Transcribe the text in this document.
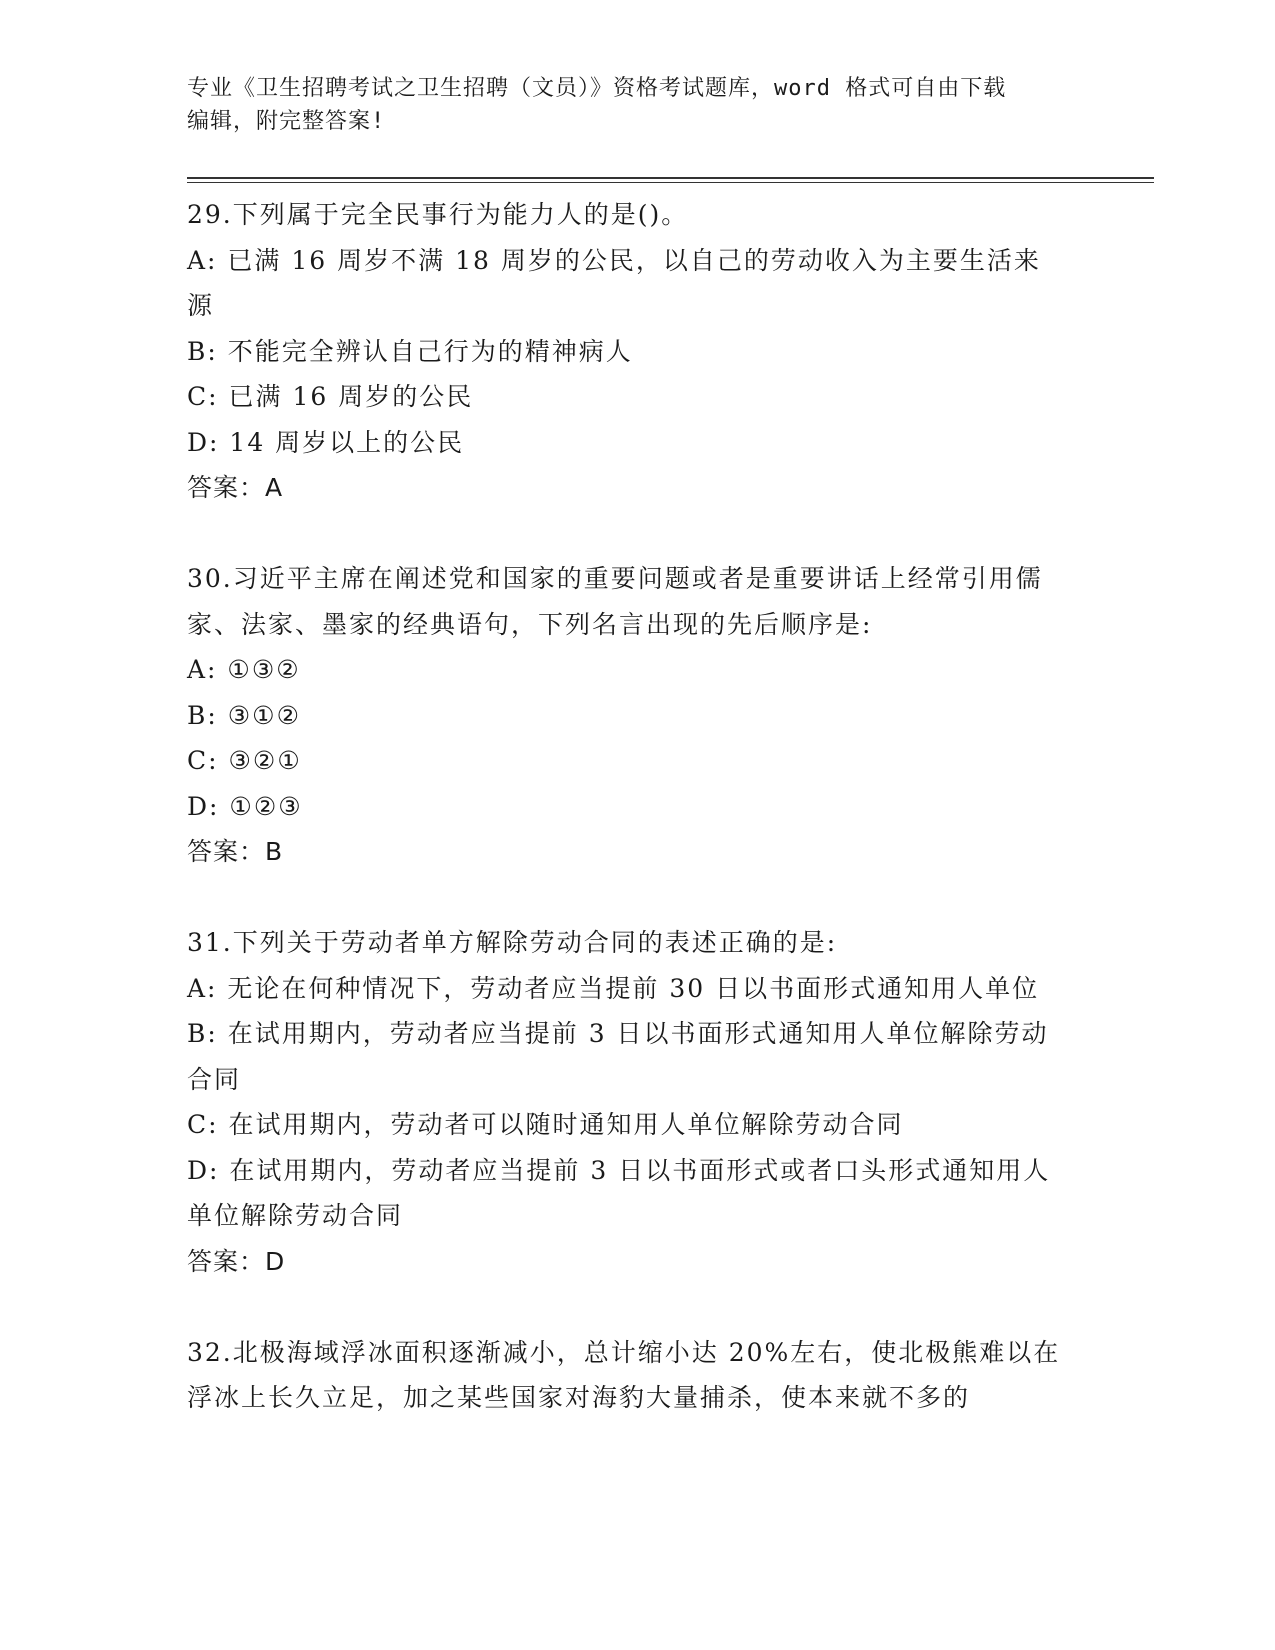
专业《卫生招聘考试之卫生招聘（文员）》资格考试题库，word 格式可自由下载
编辑，附完整答案!

29.下列属于完全民事行为能力人的是()。

A: 已满 16 周岁不满 18 周岁的公民，以自己的劳动收入为主要生活来源

B: 不能完全辨认自己行为的精神病人

C: 已满 16 周岁的公民

D: 14 周岁以上的公民

答案：A

30.习近平主席在阐述党和国家的重要问题或者是重要讲话上经常引用儒家、法家、墨家的经典语句，下列名言出现的先后顺序是:

A: ①③②

B: ③①②

C: ③②①

D: ①②③

答案：B

31.下列关于劳动者单方解除劳动合同的表述正确的是:

A: 无论在何种情况下，劳动者应当提前 30 日以书面形式通知用人单位

B: 在试用期内，劳动者应当提前 3 日以书面形式通知用人单位解除劳动合同

C: 在试用期内，劳动者可以随时通知用人单位解除劳动合同

D: 在试用期内，劳动者应当提前 3 日以书面形式或者口头形式通知用人单位解除劳动合同

答案：D

32.北极海域浮冰面积逐渐减小，总计缩小达 20%左右，使北极熊难以在浮冰上长久立足，加之某些国家对海豹大量捕杀，使本来就不多的
